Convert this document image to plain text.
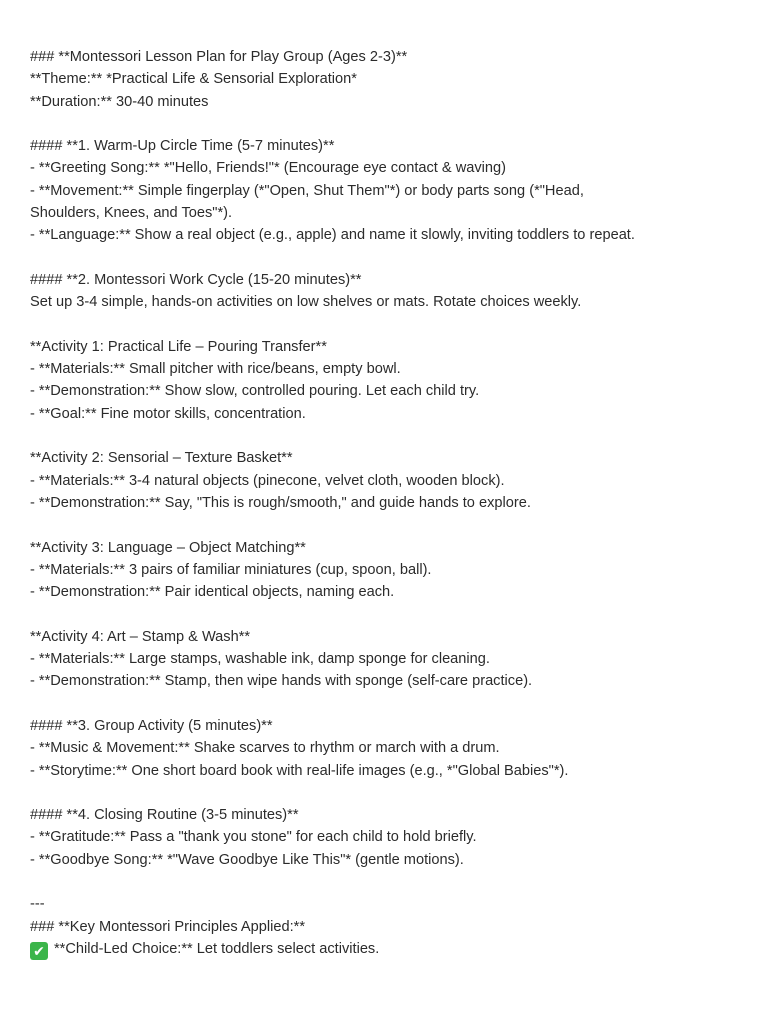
### **Montessori Lesson Plan for Play Group (Ages 2-3)**
**Theme:** *Practical Life & Sensorial Exploration*
**Duration:** 30-40 minutes
#### **1. Warm-Up Circle Time (5-7 minutes)**
- **Greeting Song:** *"Hello, Friends!"* (Encourage eye contact & waving)
- **Movement:** Simple fingerplay (*"Open, Shut Them"*) or body parts song (*"Head,
Shoulders, Knees, and Toes"*).
- **Language:** Show a real object (e.g., apple) and name it slowly, inviting toddlers to repeat.
#### **2. Montessori Work Cycle (15-20 minutes)**
Set up 3-4 simple, hands-on activities on low shelves or mats. Rotate choices weekly.
**Activity 1: Practical Life – Pouring Transfer**
- **Materials:** Small pitcher with rice/beans, empty bowl.
- **Demonstration:** Show slow, controlled pouring. Let each child try.
- **Goal:** Fine motor skills, concentration.
**Activity 2: Sensorial – Texture Basket**
- **Materials:** 3-4 natural objects (pinecone, velvet cloth, wooden block).
- **Demonstration:** Say, "This is rough/smooth," and guide hands to explore.
**Activity 3: Language – Object Matching**
- **Materials:** 3 pairs of familiar miniatures (cup, spoon, ball).
- **Demonstration:** Pair identical objects, naming each.
**Activity 4: Art – Stamp & Wash**
- **Materials:** Large stamps, washable ink, damp sponge for cleaning.
- **Demonstration:** Stamp, then wipe hands with sponge (self-care practice).
#### **3. Group Activity (5 minutes)**
- **Music & Movement:** Shake scarves to rhythm or march with a drum.
- **Storytime:** One short board book with real-life images (e.g., *"Global Babies"*).
#### **4. Closing Routine (3-5 minutes)**
- **Gratitude:** Pass a "thank you stone" for each child to hold briefly.
- **Goodbye Song:** *"Wave Goodbye Like This"* (gentle motions).
---
### **Key Montessori Principles Applied:**
✔ **Child-Led Choice:** Let toddlers select activities.
